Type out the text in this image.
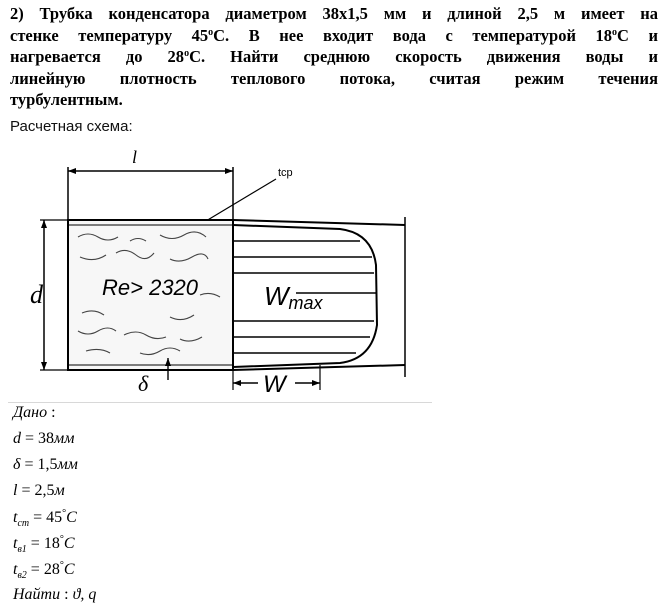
2) Трубка конденсатора диаметром 38х1,5 мм и длиной 2,5 м имеет на
стенке температуру 45$^o$С. В нее входит вода с температурой 18$^o$С и
нагревается до 28$^o$С. Найти среднюю скорость движения воды и
линейную плотность теплового потока, считая режим течения
турбулентным.
Расчетная схема:
l
tср
Re> 2320
d	Wmax
δ	W
Дано :
d = 38мм
δ = 1,5мм
l = 2,5м
$t_{cm} = 45^\circ C$
$t_{в1} = 18^\circ C$
$t_{в2} = 28^\circ C$
Найти : ϑ, q
